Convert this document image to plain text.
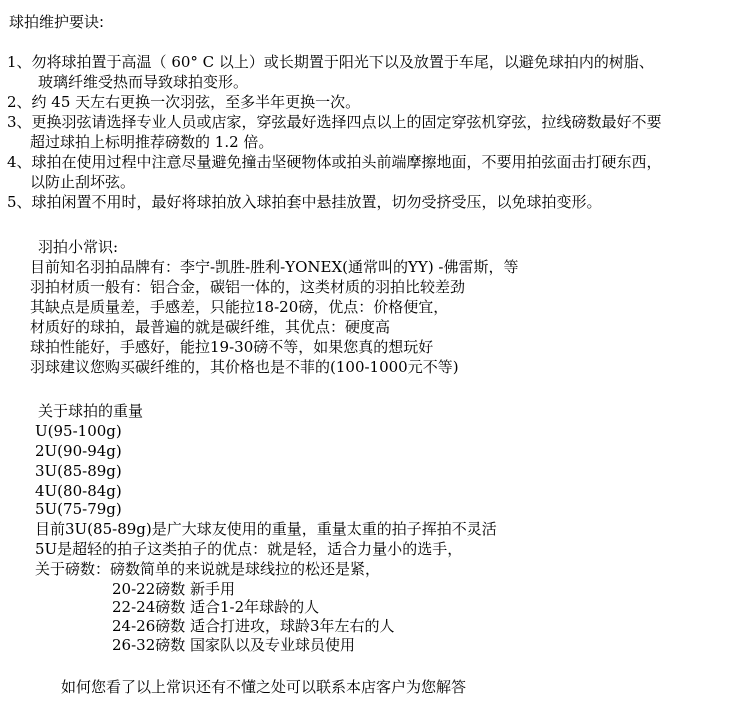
球拍维护要诀:
1、勿将球拍置于高温（ 60° C 以上）或长期置于阳光下以及放置于车尾，以避免球拍内的树脂、
玻璃纤维受热而导致球拍变形。
2、约 45 天左右更换一次羽弦，至多半年更换一次。
3、更换羽弦请选择专业人员或店家，穿弦最好选择四点以上的固定穿弦机穿弦，拉线磅数最好不要
超过球拍上标明推荐磅数的 1.2 倍。
4、球拍在使用过程中注意尽量避免撞击坚硬物体或拍头前端摩擦地面，不要用拍弦面击打硬东西，
以防止刮坏弦。
5、球拍闲置不用时，最好将球拍放入球拍套中悬挂放置，切勿受挤受压，以免球拍变形。
羽拍小常识:
目前知名羽拍品牌有：李宁-凯胜-胜利-YONEX(通常叫的YY) -佛雷斯，等
羽拍材质一般有：铝合金，碳铝一体的，这类材质的羽拍比较差劲
其缺点是质量差，手感差，只能拉18-20磅，优点：价格便宜，
材质好的球拍，最普遍的就是碳纤维，其优点：硬度高
球拍性能好，手感好，能拉19-30磅不等，如果您真的想玩好
羽球建议您购买碳纤维的，其价格也是不菲的(100-1000元不等)
关于球拍的重量
U(95-100g)
2U(90-94g)
3U(85-89g)
4U(80-84g)
5U(75-79g)
目前3U(85-89g)是广大球友使用的重量，重量太重的拍子挥拍不灵活
5U是超轻的拍子这类拍子的优点：就是轻，适合力量小的选手，
关于磅数：磅数简单的来说就是球线拉的松还是紧，
20-22磅数 新手用
22-24磅数 适合1-2年球龄的人
24-26磅数 适合打进攻，球龄3年左右的人
26-32磅数 国家队以及专业球员使用
如何您看了以上常识还有不懂之处可以联系本店客户为您解答
